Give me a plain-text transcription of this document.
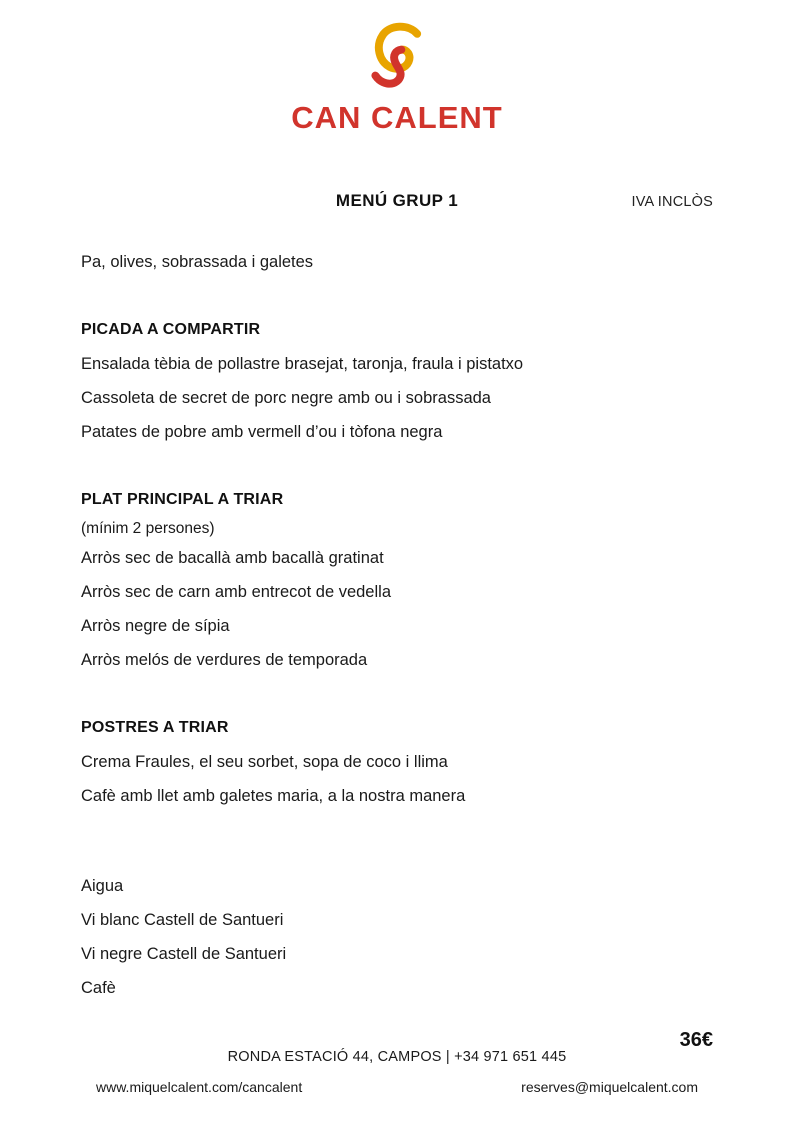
CAN CALENT
MENÚ GRUP 1	IVA INCLÒS
Pa, olives, sobrassada i galetes
PICADA A COMPARTIR
Ensalada tèbia de pollastre brasejat, taronja, fraula i pistatxo
Cassoleta de secret de porc negre amb ou i sobrassada
Patates de pobre amb vermell d’ou i tòfona negra
PLAT PRINCIPAL A TRIAR
(mínim 2 persones)
Arròs sec de bacallà amb bacallà gratinat
Arròs sec de carn amb entrecot de vedella
Arròs negre de sípia
Arròs melós de verdures de temporada
POSTRES A TRIAR
Crema Fraules, el seu sorbet, sopa de coco i llima
Cafè amb llet amb galetes maria, a la nostra manera
Aigua
Vi blanc Castell de Santueri
Vi negre Castell de Santueri
Cafè
36€
RONDA ESTACIÓ 44, CAMPOS | +34 971 651 445
www.miquelcalent.com/cancalent	reserves@miquelcalent.com
